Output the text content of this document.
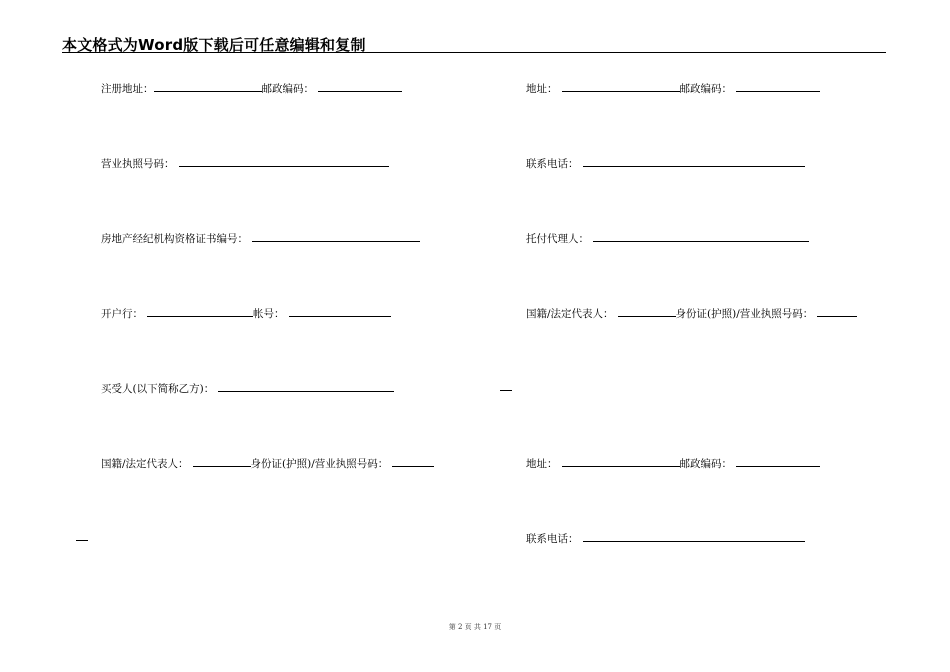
本文格式为Word版下载后可任意编辑和复制
注册地址：	邮政编码：
营业执照号码：
房地产经纪机构资格证书编号：
开户行：	帐号：
买受人(以下简称乙方)：
国籍/法定代表人：	身份证(护照)/营业执照号码：
地址：	邮政编码：
联系电话：
托付代理人：
国籍/法定代表人：	身份证(护照)/营业执照号码：
地址：	邮政编码：
联系电话：
第 2 页 共 17 页
